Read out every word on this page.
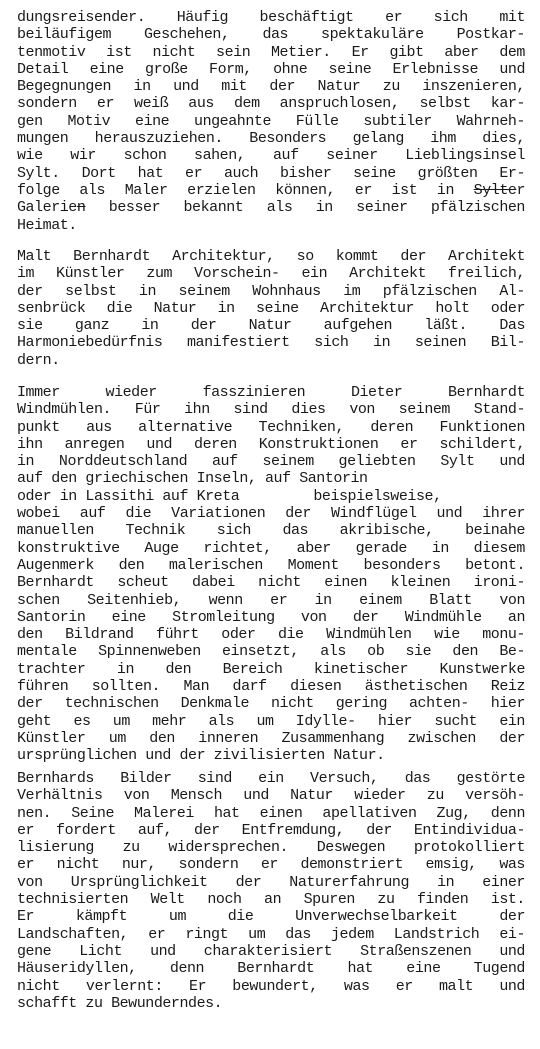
dungsreisender. Häufig beschäftigt er sich mit
beiläufigem Geschehen, das spektakuläre Postkar-
tenmotiv ist nicht sein Metier. Er gibt aber dem
Detail eine große Form, ohne seine Erlebnisse und
Begegnungen in und mit der Natur zu inszenieren,
sondern er weiß aus dem anspruchlosen, selbst kar-
gen Motiv eine ungeahnte Fülle subtiler Wahrneh-
mungen herauszuziehen. Besonders gelang ihm dies,
wie wir schon sahen, auf seiner Lieblingsinsel
Sylt. Dort hat er auch bisher seine größten Er-
folge als Maler erzielen können, er ist in Sylter
Galerien besser bekannt als in seiner pfälzischen
Heimat.
Malt Bernhardt Architektur, so kommt der Architekt
im Künstler zum Vorschein- ein Architekt freilich,
der selbst in seinem Wohnhaus im pfälzischen Al-
senbrück die Natur in seine Architektur holt oder
sie ganz in der Natur aufgehen läßt. Das
Harmoniebedürfnis manifestiert sich in seinen Bil-
dern.
Immer wieder fasszinieren Dieter Bernhardt
Windmühlen. Für ihn sind dies von seinem Stand-
punkt aus alternative Techniken, deren Funktionen
ihn anregen und deren Konstruktionen er schildert,
in Norddeutschland auf seinem geliebten Sylt und
auf den griechischen Inseln, auf Santorin
oder in Lassithi auf Kreta	beispielsweise,
wobei auf die Variationen der Windflügel und ihrer
manuellen Technik sich das akribische, beinahe
konstruktive Auge richtet, aber gerade in diesem
Augenmerk den malerischen Moment besonders betont.
Bernhardt scheut dabei nicht einen kleinen ironi-
schen Seitenhieb, wenn er in einem Blatt von
Santorin eine Stromleitung von der Windmühle an
den Bildrand führt oder die Windmühlen wie monu-
mentale Spinnenweben einsetzt, als ob sie den Be-
trachter in den Bereich kinetischer Kunstwerke
führen sollten. Man darf diesen ästhetischen Reiz
der technischen Denkmale nicht gering achten- hier
geht es um mehr als um Idylle- hier sucht ein
Künstler um den inneren Zusammenhang zwischen der
ursprünglichen und der zivilisierten Natur.
Bernhards Bilder sind ein Versuch, das gestörte
Verhältnis von Mensch und Natur wieder zu versöh-
nen. Seine Malerei hat einen apellativen Zug, denn
er fordert auf, der Entfremdung, der Entindividua-
lisierung zu widersprechen. Deswegen protokolliert
er nicht nur, sondern er demonstriert emsig, was
von Ursprünglichkeit der Naturerfahrung in einer
technisierten Welt noch an Spuren zu finden ist.
Er kämpft um die Unverwechselbarkeit der
Landschaften, er ringt um das jedem Landstrich ei-
gene Licht und charakterisiert Straßenszenen und
Häuseridyllen, denn Bernhardt hat eine Tugend
nicht verlernt: Er bewundert, was er malt und
schafft zu Bewunderndes.
